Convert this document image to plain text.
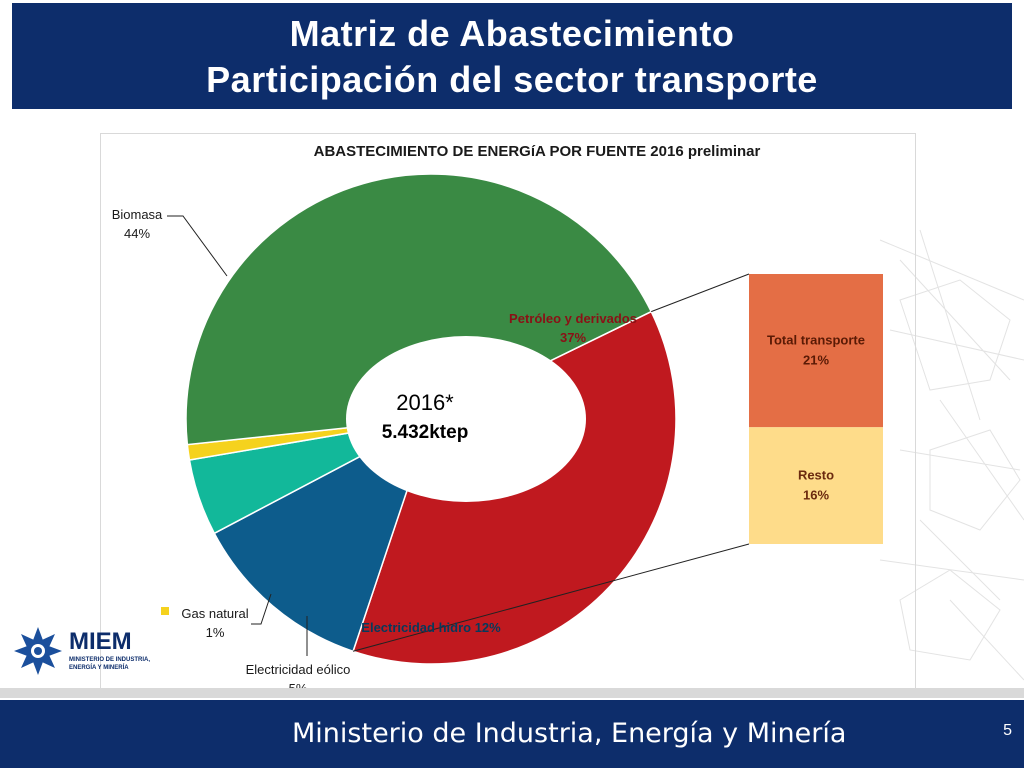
Matriz de Abastecimiento
Participación del sector transporte
ABASTECIMIENTO DE ENERGíA POR FUENTE 2016 preliminar
Total transporte 21%
Resto 16%
Petróleo y derivados 37%
Electricidad hidro 12%
Biomasa 44%
Electricidad eólico
Gas natural 1%
2016*
5.432ktep
MIEM
MINISTERIO DE INDUSTRIA,
ENERGÍA Y MINERÍA
Ministerio de Industria, Energía y Minería	5
